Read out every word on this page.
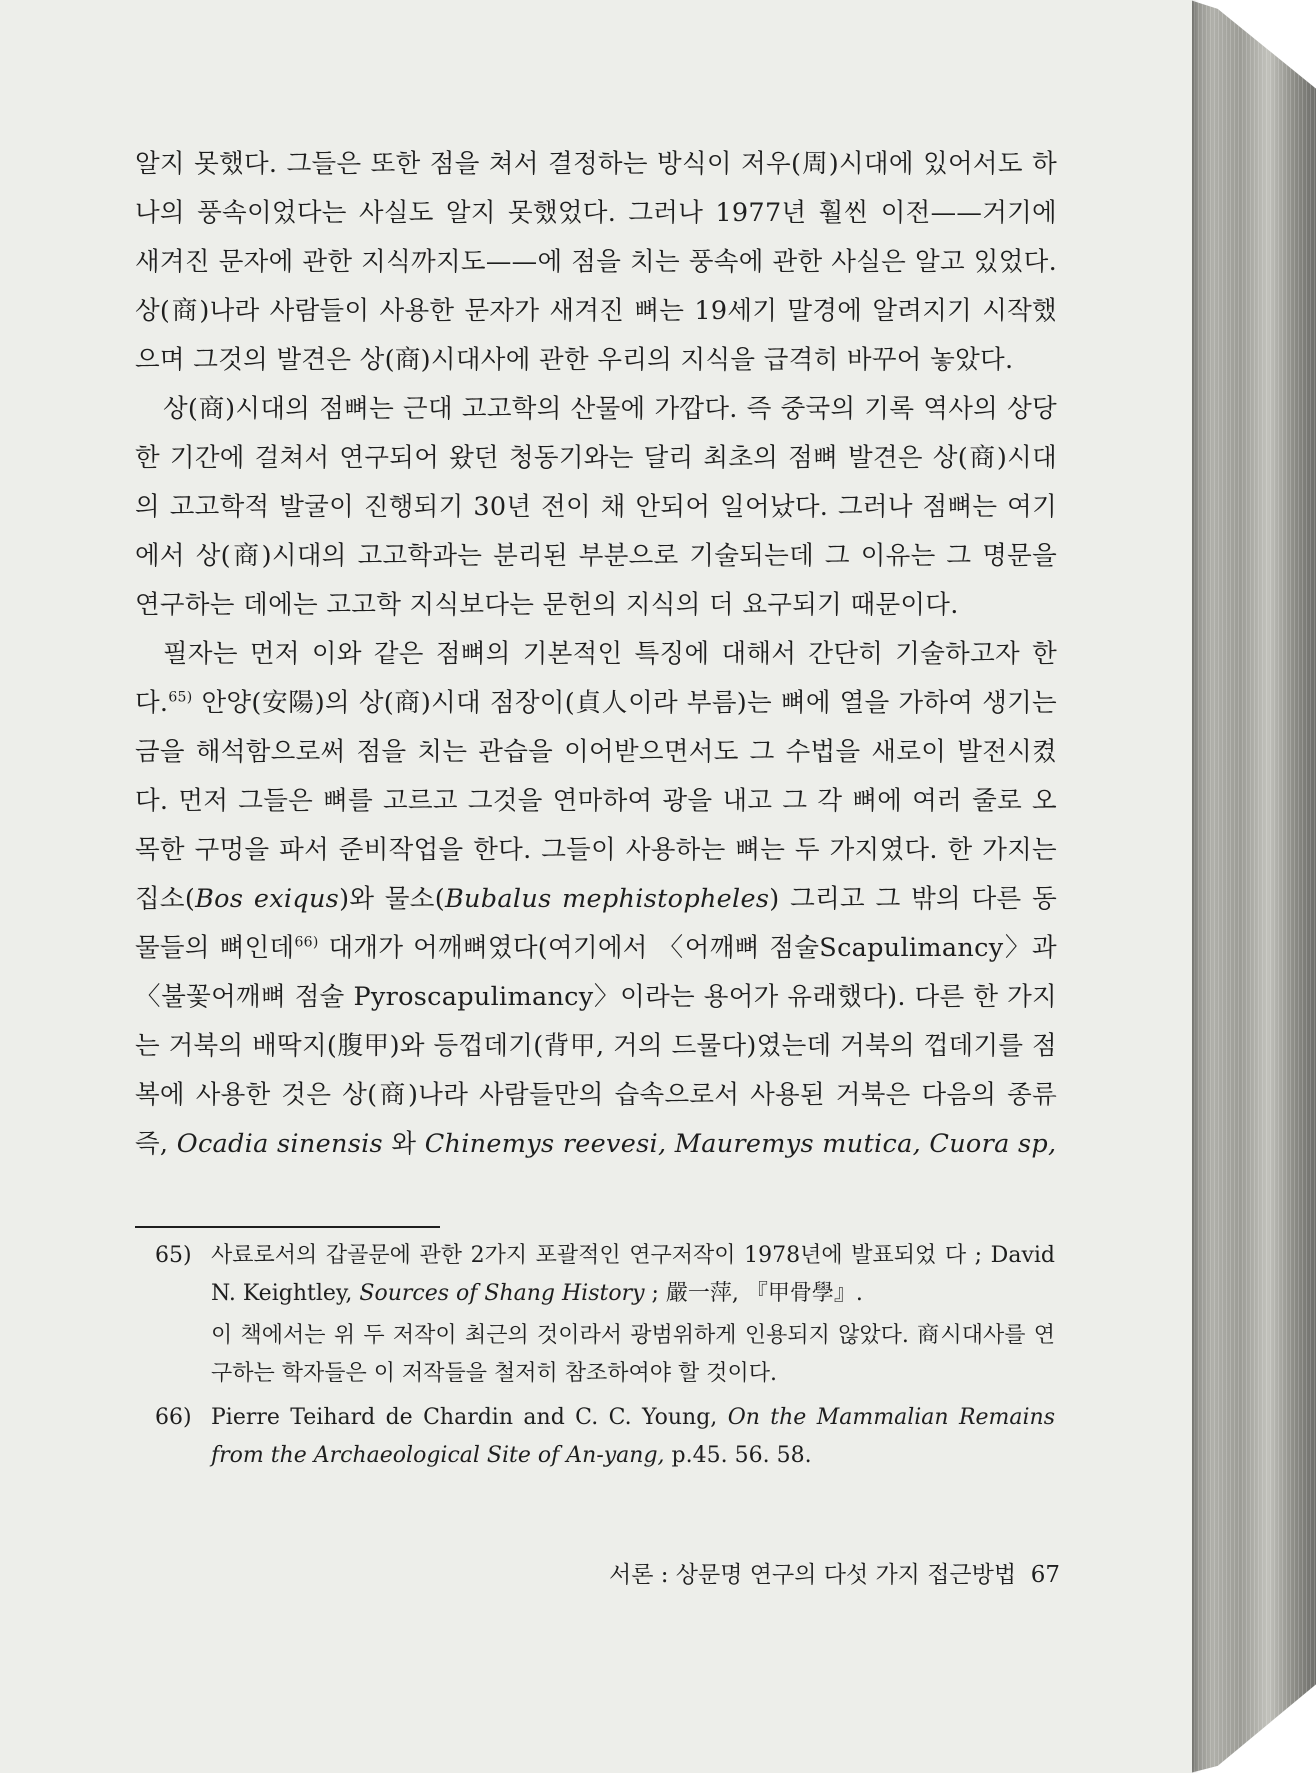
알지 못했다. 그들은 또한 점을 쳐서 결정하는 방식이 저우(周)시대에 있어서도 하나의 풍속이었다는 사실도 알지 못했었다. 그러나 1977년 훨씬 이전——거기에 새겨진 문자에 관한 지식까지도——에 점을 치는 풍속에 관한 사실은 알고 있었다. 상(商)나라 사람들이 사용한 문자가 새겨진 뼈는 19세기 말경에 알려지기 시작했으며 그것의 발견은 상(商)시대사에 관한 우리의 지식을 급격히 바꾸어 놓았다.

상(商)시대의 점뼈는 근대 고고학의 산물에 가깝다. 즉 중국의 기록 역사의 상당한 기간에 걸쳐서 연구되어 왔던 청동기와는 달리 최초의 점뼈 발견은 상(商)시대의 고고학적 발굴이 진행되기 30년 전이 채 안되어 일어났다. 그러나 점뼈는 여기에서 상(商)시대의 고고학과는 분리된 부분으로 기술되는데 그 이유는 그 명문을 연구하는 데에는 고고학 지식보다는 문헌의 지식의 더 요구되기 때문이다.

필자는 먼저 이와 같은 점뼈의 기본적인 특징에 대해서 간단히 기술하고자 한다.$^{65)}$ 안양(安陽)의 상(商)시대 점장이(貞人이라 부름)는 뼈에 열을 가하여 생기는 금을 해석함으로써 점을 치는 관습을 이어받으면서도 그 수법을 새로이 발전시켰다. 먼저 그들은 뼈를 고르고 그것을 연마하여 광을 내고 그 각 뼈에 여러 줄로 오목한 구멍을 파서 준비작업을 한다. 그들이 사용하는 뼈는 두 가지였다. 한 가지는 집소(Bos exiqus)와 물소(Bubalus mephistopheles) 그리고 그 밖의 다른 동물들의 뼈인데$^{66)}$ 대개가 어깨뼈였다(여기에서 〈어깨뼈 점술Scapulimancy〉과 〈불꽃어깨뼈 점술 Pyroscapulimancy〉이라는 용어가 유래했다). 다른 한 가지는 거북의 배딱지(腹甲)와 등껍데기(背甲, 거의 드물다)였는데 거북의 껍데기를 점복에 사용한 것은 상(商)나라 사람들만의 습속으로서 사용된 거북은 다음의 종류 즉, Ocadia sinensis 와 Chinemys reevesi, Mauremys mutica, Cuora sp,

65) 사료로서의 갑골문에 관한 2가지 포괄적인 연구저작이 1978년에 발표되었 다 ; David N. Keightley, Sources of Shang History ; 嚴一萍, 『甲骨學』.

이 책에서는 위 두 저작이 최근의 것이라서 광범위하게 인용되지 않았다. 商시대사를 연구하는 학자들은 이 저작들을 철저히 참조하여야 할 것이다.

66) Pierre Teihard de Chardin and C. C. Young, On the Mammalian Remains from the Archaeological Site of An-yang, p.45. 56. 58.

서론 : 상문명 연구의 다섯 가지 접근방법 67
